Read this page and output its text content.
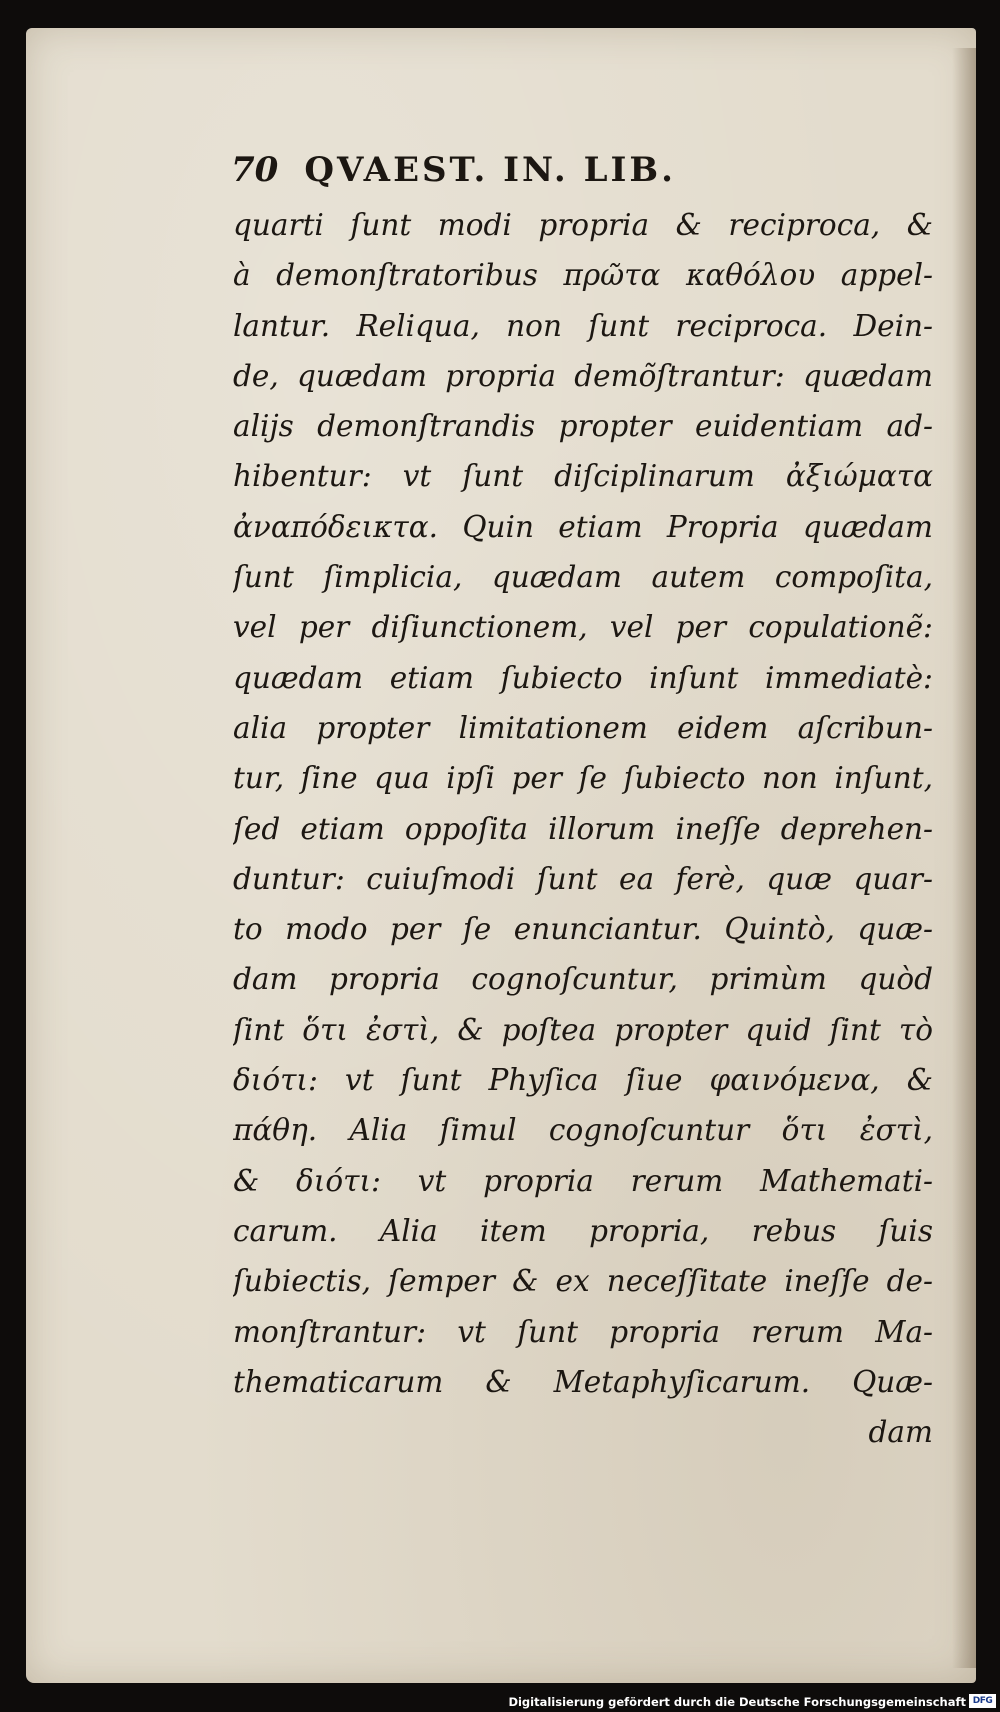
70 QVAEST. IN. LIB.
quarti ſunt modi propria & reciproca, &
à demonſtratoribus πρῶτα καθόλου appel-
lantur. Reliqua, non ſunt reciproca. Dein-
de, quædam propria demõſtrantur: quædam
alijs demonſtrandis propter euidentiam ad-
hibentur: vt ſunt diſciplinarum ἀξιώματα
ἀναπόδεικτα. Quin etiam Propria quædam
ſunt ſimplicia, quædam autem compoſita,
vel per diſiunctionem, vel per copulationẽ:
quædam etiam ſubiecto inſunt immediatè:
alia propter limitationem eidem aſcribun-
tur, ſine qua ipſi per ſe ſubiecto non inſunt,
ſed etiam oppoſita illorum ineſſe deprehen-
duntur: cuiuſmodi ſunt ea ferè, quæ quar-
to modo per ſe enunciantur. Quintò, quæ-
dam propria cognoſcuntur, primùm quòd
ſint ὅτι ἐστὶ, & poſtea propter quid ſint τὸ
διότι: vt ſunt Phyſica ſiue φαινόμενα, &
πάθη. Alia ſimul cognoſcuntur ὅτι ἐστὶ,
& διότι: vt propria rerum Mathemati-
carum. Alia item propria, rebus ſuis
ſubiectis, ſemper & ex neceſſitate ineſſe de-
monſtrantur: vt ſunt propria rerum Ma-
thematicarum & Metaphyſicarum. Quæ-
dam
Digitalisierung gefördert durch die Deutsche Forschungsgemeinschaft DFG
